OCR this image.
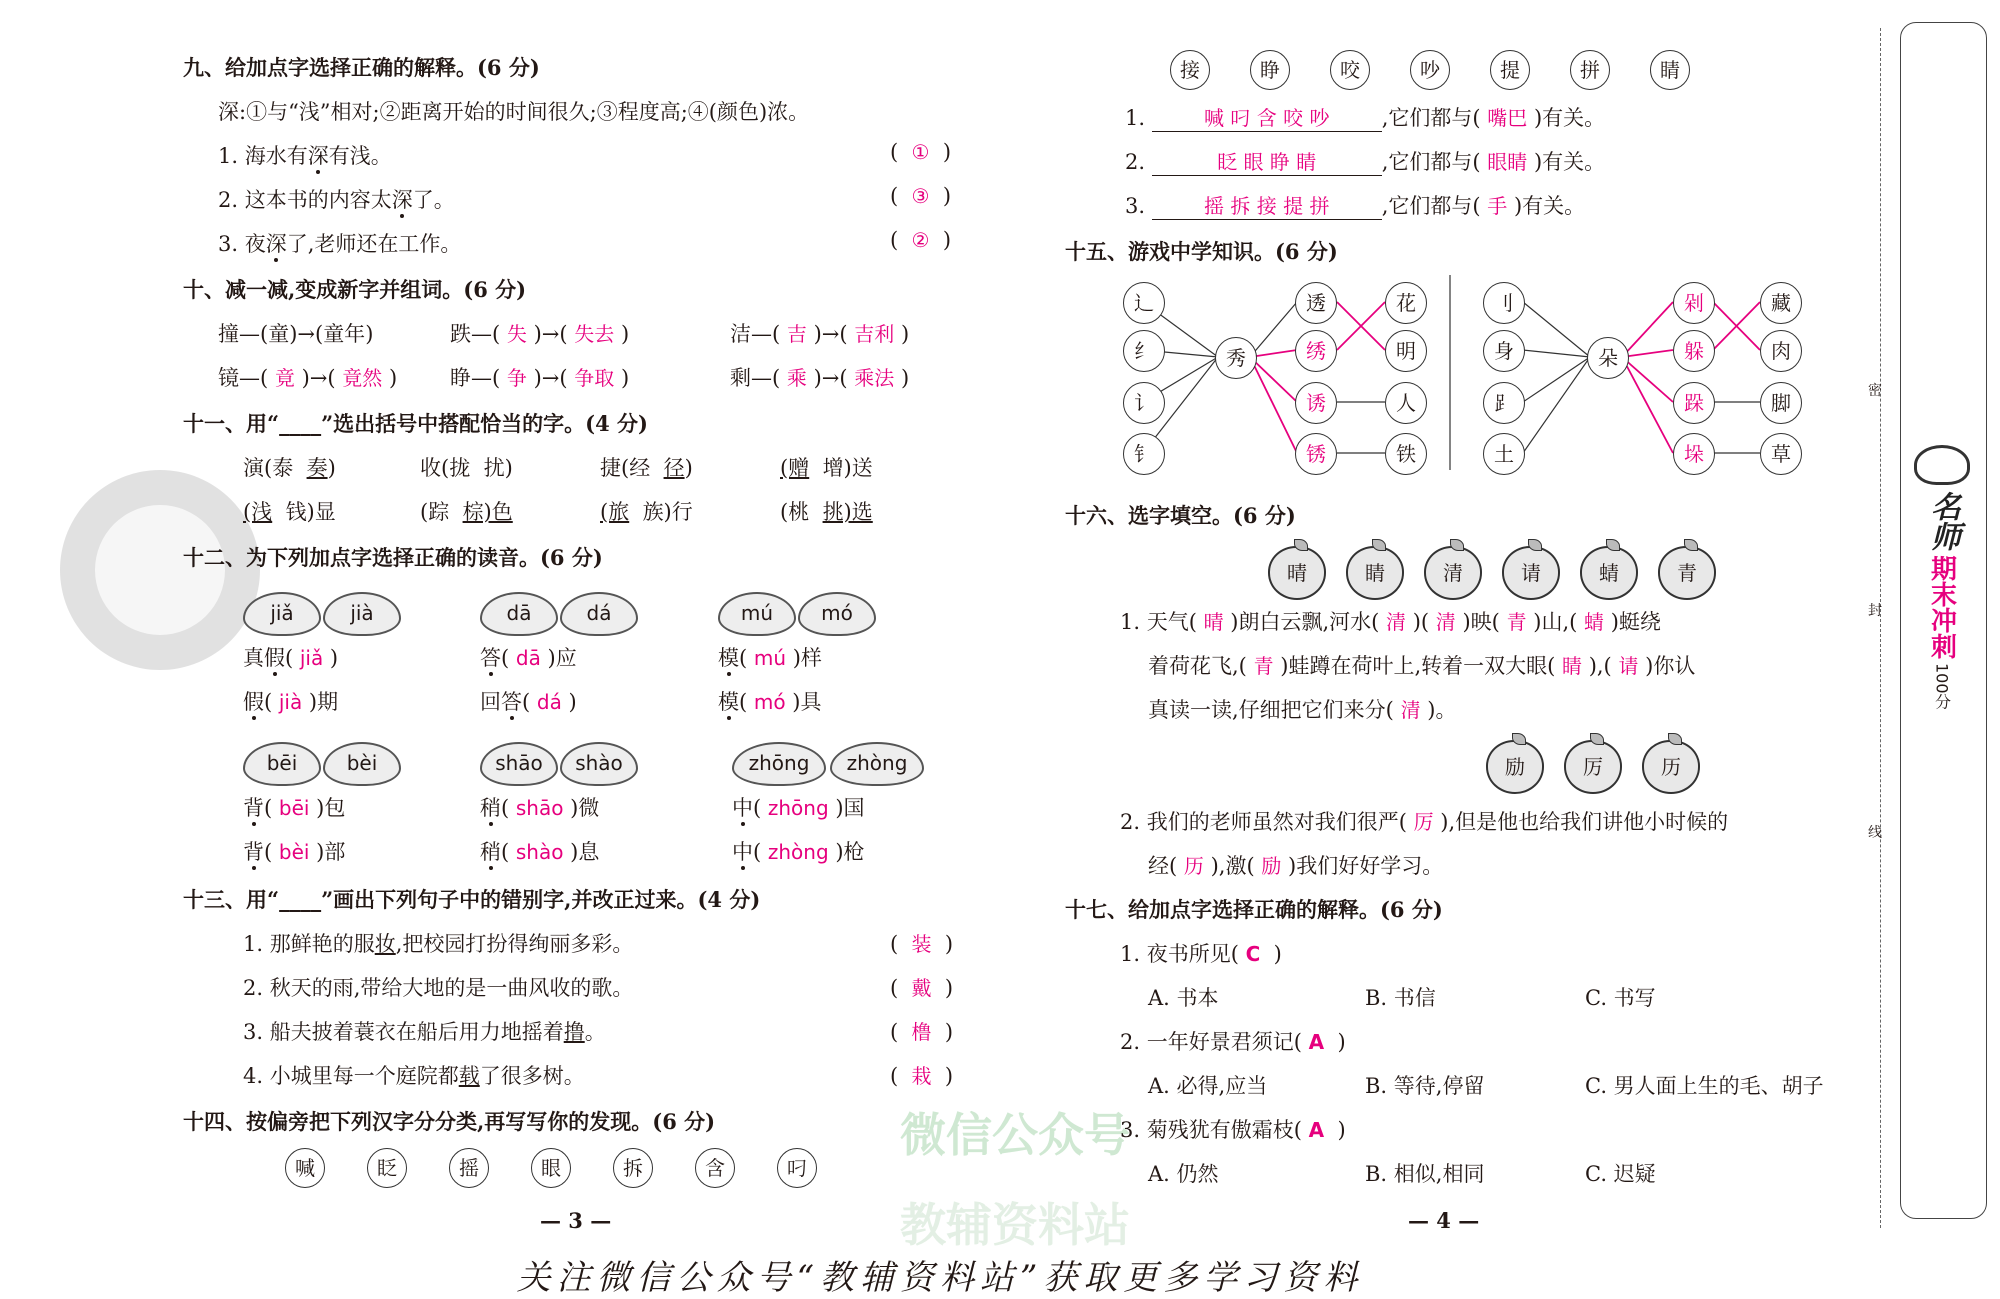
微信公众号
教辅资料站
九、给加点字选择正确的解释。(6 分)
深:①与“浅”相对;②距离开始的时间很久;③程度高;④(颜色)浓。
1. 海水有深有浅。	(  ①  )
2. 这本书的内容太深了。	(  ③  )
3. 夜深了,老师还在工作。	(  ②  )
十、减一减,变成新字并组词。(6 分)
撞—(童)→(童年)	跌—( 失 )→( 失去 )	洁—( 吉 )→( 吉利 )
镜—( 竟 )→( 竟然 )	睁—( 争 )→( 争取 )	剩—( 乘 )→( 乘法 )
十一、用“____”选出括号中搭配恰当的字。(4 分)
演(泰 奏)	收(拢 扰)	捷(经 径)	(赠 增)送
(浅 钱)显	(踪 棕)色	(旅 族)行	(桃 挑)选
十二、为下列加点字选择正确的读音。(6 分)
jiǎ	jià
真假( jiǎ )
假( jià )期
dā	dá
答( dā )应
回答( dá )
mú	mó
模( mú )样
模( mó )具
bēi	bèi
背( bēi )包
背( bèi )部
shāo	shào
稍( shāo )微
稍( shào )息
zhōng	zhòng
中( zhōng )国
中( zhòng )枪
十三、用“____”画出下列句子中的错别字,并改正过来。(4 分)
1. 那鲜艳的服妆,把校园打扮得绚丽多彩。	(  装  )
2. 秋天的雨,带给大地的是一曲风收的歌。	(  戴  )
3. 船夫披着蓑衣在船后用力地摇着撸。	(  橹  )
4. 小城里每一个庭院都载了很多树。	(  栽  )
十四、按偏旁把下列汉字分分类,再写写你的发现。(6 分)
喊	眨	摇	眼	拆	含	叼
— 3 —
接	睁	咬	吵	提	拼	睛
1.	喊 叼 含 咬 吵 ,它们都与( 嘴巴 )有关。
2.	眨 眼 睁 睛	,它们都与( 眼睛 )有关。
3.	摇 拆 接 提 拼 ,它们都与( 手 )有关。
十五、游戏中学知识。(6 分)
辶
纟
讠
钅
秀
透
绣
诱
锈
花
明
人
铁
刂
身
⻊
土
朵
剁
躲
跺
垛
藏
肉
脚
草
十六、选字填空。(6 分)
晴	睛	清	请	蜻	青
1. 天气( 晴 )朗白云飘,河水( 清 )( 清 )映( 青 )山,( 蜻 )蜓绕
着荷花飞,( 青 )蛙蹲在荷叶上,转着一双大眼( 睛 ),( 请 )你认
真读一读,仔细把它们来分( 清 )。
励	厉	历
2. 我们的老师虽然对我们很严( 厉 ),但是他也给我们讲他小时候的
经( 历 ),激( 励 )我们好好学习。
十七、给加点字选择正确的解释。(6 分)
1. 夜书所见( C )
A. 书本	B. 书信	C. 书写
2. 一年好景君须记( A )
A. 必得,应当	B. 等待,停留	C. 男人面上生的毛、胡子
3. 菊残犹有傲霜枝( A )
A. 仍然	B. 相似,相同	C. 迟疑
— 4 —
关注微信公众号“教辅资料站”获取更多学习资料
密
封
线
名师
期末冲刺
100分
